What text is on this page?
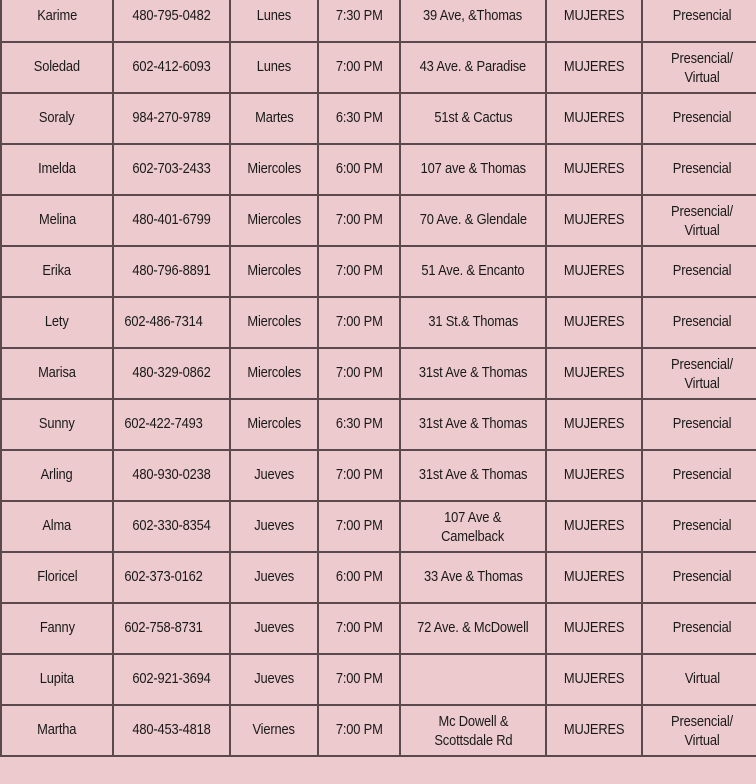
Karime	480-795-0482	Lunes	7:30 PM	39 Ave, &Thomas	MUJERES	Presencial
Soledad	602-412-6093	Lunes	7:00 PM	43 Ave. & Paradise	MUJERES	Presencial/
Virtual
Soraly	984-270-9789	Martes	6:30 PM	51st & Cactus	MUJERES	Presencial
Imelda	602-703-2433	Miercoles	6:00 PM	107 ave & Thomas	MUJERES	Presencial
Melina	480-401-6799	Miercoles	7:00 PM	70 Ave. & Glendale	MUJERES	Presencial/
Virtual
Erika	480-796-8891	Miercoles	7:00 PM	51 Ave. & Encanto	MUJERES	Presencial
Lety	602-486-7314	Miercoles	7:00 PM	31 St.& Thomas	MUJERES	Presencial
Marisa	480-329-0862	Miercoles	7:00 PM	31st Ave & Thomas	MUJERES	Presencial/
Virtual
Sunny	602-422-7493	Miercoles	6:30 PM	31st Ave & Thomas	MUJERES	Presencial
Arling	480-930-0238	Jueves	7:00 PM	31st Ave & Thomas	MUJERES	Presencial
Alma	602-330-8354	Jueves	7:00 PM	107 Ave &
Camelback	MUJERES	Presencial
Floricel	602-373-0162	Jueves	6:00 PM	33 Ave & Thomas	MUJERES	Presencial
Fanny	602-758-8731	Jueves	7:00 PM	72 Ave. & McDowell	MUJERES	Presencial
Lupita	602-921-3694	Jueves	7:00 PM		MUJERES	Virtual
Martha	480-453-4818	Viernes	7:00 PM	Mc Dowell &
Scottsdale Rd	MUJERES	Presencial/
Virtual
